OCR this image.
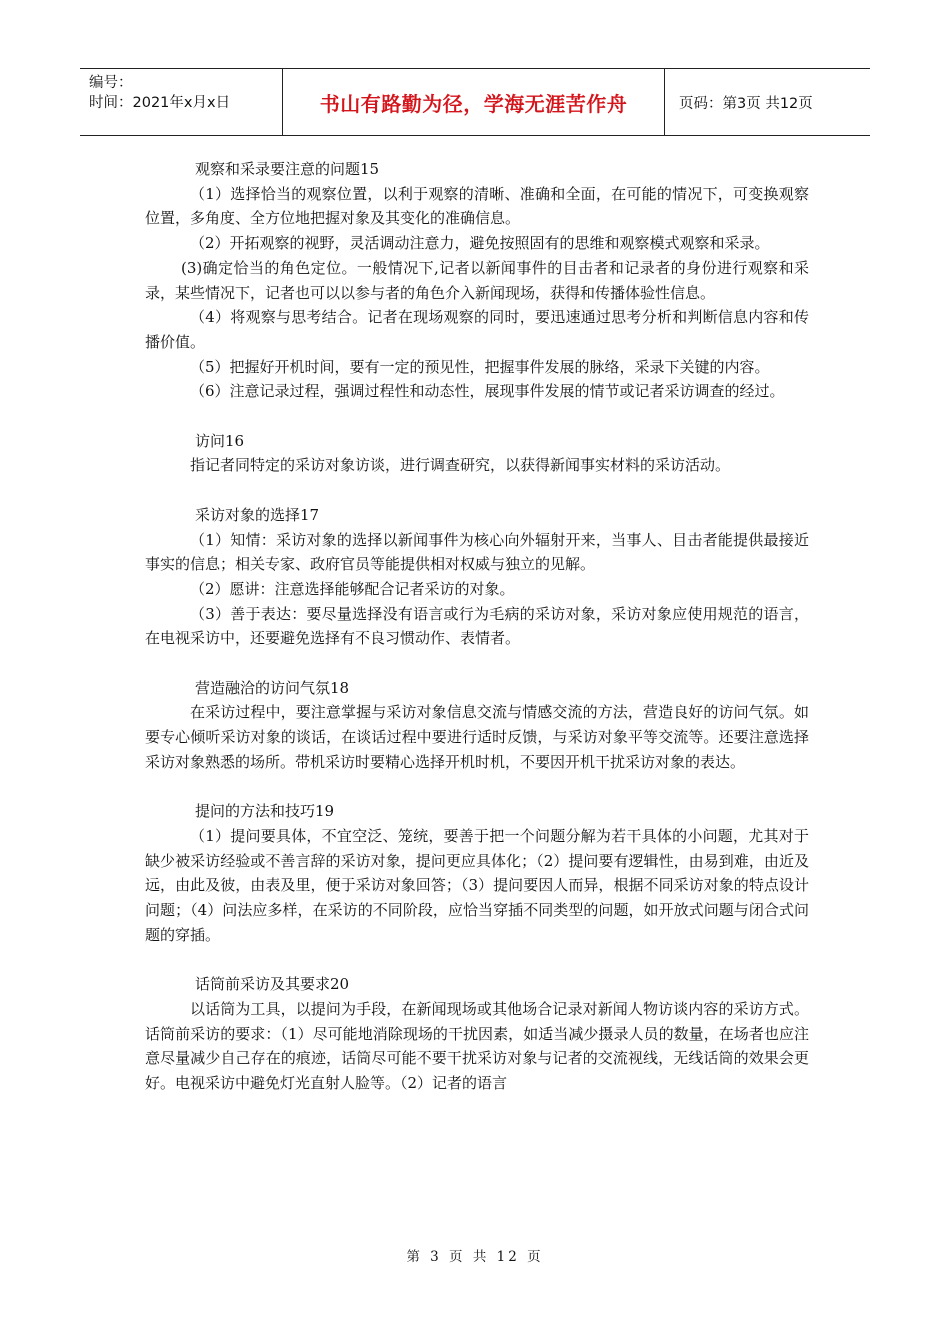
编号：
时间：2021年x月x日	书山有路勤为径，学海无涯苦作舟	页码：第3页 共12页
观察和采录要注意的问题15

（1）选择恰当的观察位置，以利于观察的清晰、准确和全面，在可能的情况下，可变换观察位置，多角度、全方位地把握对象及其变化的准确信息。

（2）开拓观察的视野，灵活调动注意力，避免按照固有的思维和观察模式观察和采录。

(3)确定恰当的角色定位。一般情况下,记者以新闻事件的目击者和记录者的身份进行观察和采录，某些情况下，记者也可以以参与者的角色介入新闻现场，获得和传播体验性信息。

（4）将观察与思考结合。记者在现场观察的同时，要迅速通过思考分析和判断信息内容和传播价值。

（5）把握好开机时间，要有一定的预见性，把握事件发展的脉络，采录下关键的内容。

（6）注意记录过程，强调过程性和动态性，展现事件发展的情节或记者采访调查的经过。

访问16

指记者同特定的采访对象访谈，进行调查研究，以获得新闻事实材料的采访活动。

采访对象的选择17

（1）知情：采访对象的选择以新闻事件为核心向外辐射开来，当事人、目击者能提供最接近事实的信息；相关专家、政府官员等能提供相对权威与独立的见解。

（2）愿讲：注意选择能够配合记者采访的对象。

（3）善于表达：要尽量选择没有语言或行为毛病的采访对象，采访对象应使用规范的语言，在电视采访中，还要避免选择有不良习惯动作、表情者。

营造融洽的访问气氛18

在采访过程中，要注意掌握与采访对象信息交流与情感交流的方法，营造良好的访问气氛。如要专心倾听采访对象的谈话，在谈话过程中要进行适时反馈，与采访对象平等交流等。还要注意选择采访对象熟悉的场所。带机采访时要精心选择开机时机，不要因开机干扰采访对象的表达。

提问的方法和技巧19

（1）提问要具体，不宜空泛、笼统，要善于把一个问题分解为若干具体的小问题，尤其对于缺少被采访经验或不善言辞的采访对象，提问更应具体化；（2）提问要有逻辑性，由易到难，由近及远，由此及彼，由表及里，便于采访对象回答；（3）提问要因人而异，根据不同采访对象的特点设计问题；（4）问法应多样，在采访的不同阶段，应恰当穿插不同类型的问题，如开放式问题与闭合式问题的穿插。

话筒前采访及其要求20

以话筒为工具，以提问为手段，在新闻现场或其他场合记录对新闻人物访谈内容的采访方式。话筒前采访的要求：（1）尽可能地消除现场的干扰因素，如适当减少摄录人员的数量，在场者也应注意尽量减少自己存在的痕迹，话筒尽可能不要干扰采访对象与记者的交流视线，无线话筒的效果会更好。电视采访中避免灯光直射人脸等。（2）记者的语言

第 3 页 共 12 页
